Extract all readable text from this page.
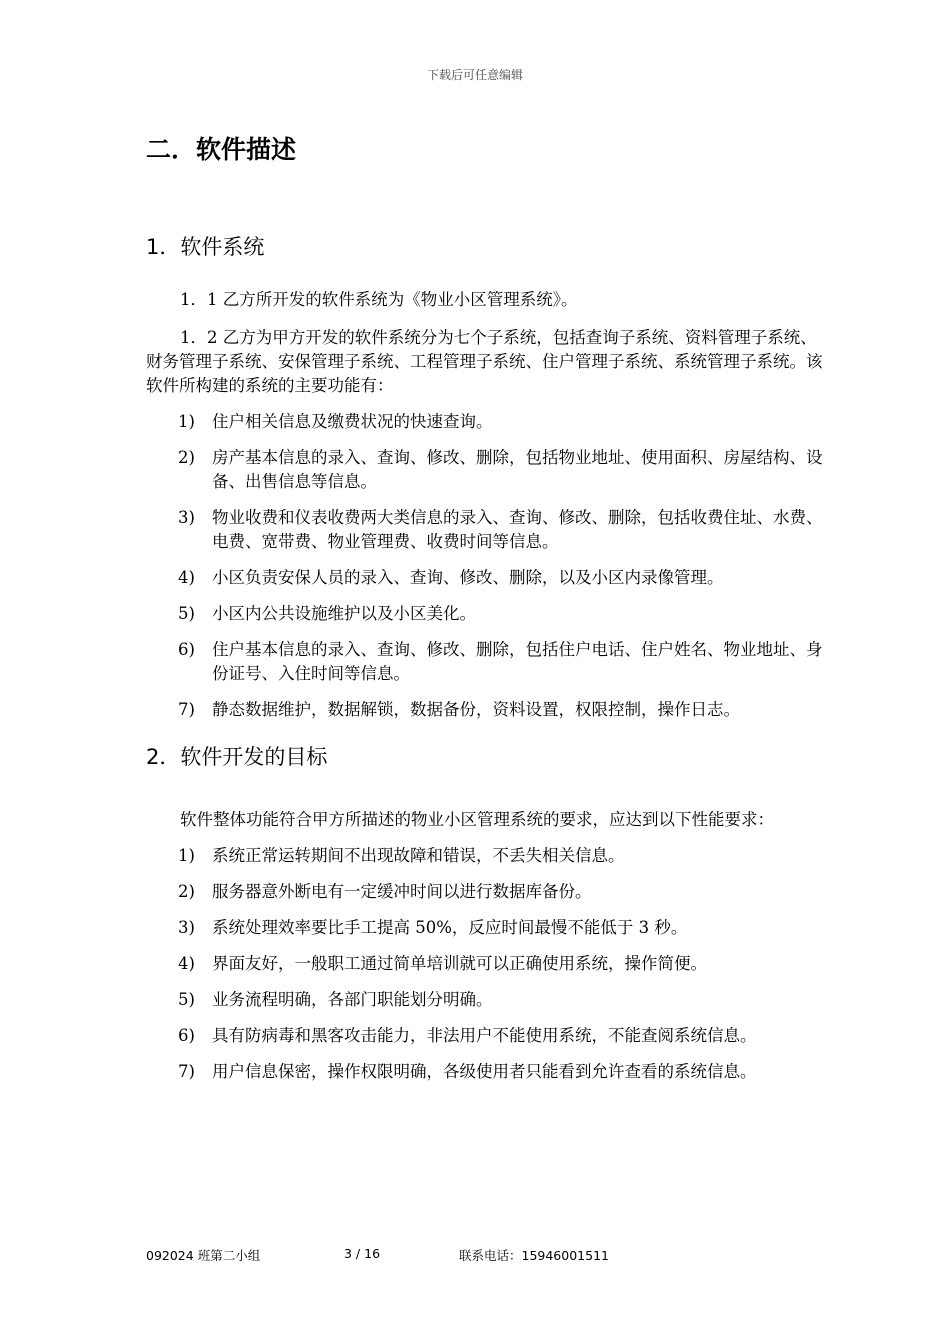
下载后可任意编辑
二．软件描述
1．软件系统

1．1 乙方所开发的软件系统为《物业小区管理系统》。

1．2 乙方为甲方开发的软件系统分为七个子系统，包括查询子系统、资料管理子系统、财务管理子系统、安保管理子系统、工程管理子系统、住户管理子系统、系统管理子系统。该软件所构建的系统的主要功能有：

1) 住户相关信息及缴费状况的快速查询。
2) 房产基本信息的录入、查询、修改、删除，包括物业地址、使用面积、房屋结构、设备、出售信息等信息。
3) 物业收费和仪表收费两大类信息的录入、查询、修改、删除，包括收费住址、水费、电费、宽带费、物业管理费、收费时间等信息。
4) 小区负责安保人员的录入、查询、修改、删除，以及小区内录像管理。
5) 小区内公共设施维护以及小区美化。
6) 住户基本信息的录入、查询、修改、删除，包括住户电话、住户姓名、物业地址、身份证号、入住时间等信息。
7) 静态数据维护，数据解锁，数据备份，资料设置，权限控制，操作日志。
2．软件开发的目标

软件整体功能符合甲方所描述的物业小区管理系统的要求，应达到以下性能要求：

1) 系统正常运转期间不出现故障和错误，不丢失相关信息。
2) 服务器意外断电有一定缓冲时间以进行数据库备份。
3) 系统处理效率要比手工提高 50%，反应时间最慢不能低于 3 秒。
4) 界面友好，一般职工通过简单培训就可以正确使用系统，操作简便。
5) 业务流程明确，各部门职能划分明确。
6) 具有防病毒和黑客攻击能力，非法用户不能使用系统，不能查阅系统信息。
7) 用户信息保密，操作权限明确，各级使用者只能看到允许查看的系统信息。
092024 班第二小组	3 / 16	联系电话：15946001511
